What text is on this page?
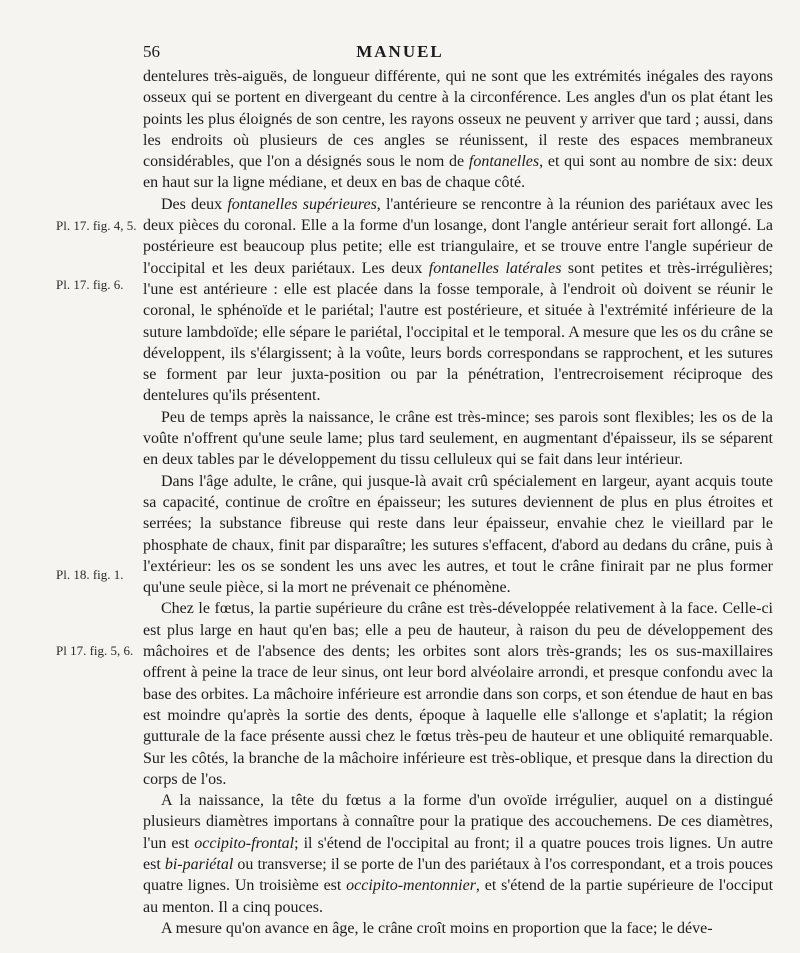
56	MANUEL
Pl. 17. fig. 4, 5.
Pl. 17. fig. 6.
Pl. 18. fig. 1.
Pl 17. fig. 5, 6.

dentelures très-aiguës, de longueur différente, qui ne sont que les extrémités inégales des rayons osseux qui se portent en divergeant du centre à la circonférence. Les angles d'un os plat étant les points les plus éloignés de son centre, les rayons osseux ne peuvent y arriver que tard ; aussi, dans les endroits où plusieurs de ces angles se réunissent, il reste des espaces membraneux considérables, que l'on a désignés sous le nom de fontanelles, et qui sont au nombre de six: deux en haut sur la ligne médiane, et deux en bas de chaque côté.

Des deux fontanelles supérieures, l'antérieure se rencontre à la réunion des pariétaux avec les deux pièces du coronal. Elle a la forme d'un losange, dont l'angle antérieur serait fort allongé. La postérieure est beaucoup plus petite; elle est triangulaire, et se trouve entre l'angle supérieur de l'occipital et les deux pariétaux. Les deux fontanelles latérales sont petites et très-irrégulières; l'une est antérieure : elle est placée dans la fosse temporale, à l'endroit où doivent se réunir le coronal, le sphénoïde et le pariétal; l'autre est postérieure, et située à l'extrémité inférieure de la suture lambdoïde; elle sépare le pariétal, l'occipital et le temporal. A mesure que les os du crâne se développent, ils s'élargissent; à la voûte, leurs bords correspondans se rapprochent, et les sutures se forment par leur juxta-position ou par la pénétration, l'entrecroisement réciproque des dentelures qu'ils présentent.

Peu de temps après la naissance, le crâne est très-mince; ses parois sont flexibles; les os de la voûte n'offrent qu'une seule lame; plus tard seulement, en augmentant d'épaisseur, ils se séparent en deux tables par le développement du tissu celluleux qui se fait dans leur intérieur.

Dans l'âge adulte, le crâne, qui jusque-là avait crû spécialement en largeur, ayant acquis toute sa capacité, continue de croître en épaisseur; les sutures deviennent de plus en plus étroites et serrées; la substance fibreuse qui reste dans leur épaisseur, envahie chez le vieillard par le phosphate de chaux, finit par disparaître; les sutures s'effacent, d'abord au dedans du crâne, puis à l'extérieur: les os se sondent les uns avec les autres, et tout le crâne finirait par ne plus former qu'une seule pièce, si la mort ne prévenait ce phénomène.

Chez le fœtus, la partie supérieure du crâne est très-développée relativement à la face. Celle-ci est plus large en haut qu'en bas; elle a peu de hauteur, à raison du peu de développement des mâchoires et de l'absence des dents; les orbites sont alors très-grands; les os sus-maxillaires offrent à peine la trace de leur sinus, ont leur bord alvéolaire arrondi, et presque confondu avec la base des orbites. La mâchoire inférieure est arrondie dans son corps, et son étendue de haut en bas est moindre qu'après la sortie des dents, époque à laquelle elle s'allonge et s'aplatit; la région gutturale de la face présente aussi chez le fœtus très-peu de hauteur et une obliquité remarquable. Sur les côtés, la branche de la mâchoire inférieure est très-oblique, et presque dans la direction du corps de l'os.

A la naissance, la tête du fœtus a la forme d'un ovoïde irrégulier, auquel on a distingué plusieurs diamètres importans à connaître pour la pratique des accouchemens. De ces diamètres, l'un est occipito-frontal; il s'étend de l'occipital au front; il a quatre pouces trois lignes. Un autre est bi-pariétal ou transverse; il se porte de l'un des pariétaux à l'os correspondant, et a trois pouces quatre lignes. Un troisième est occipito-mentonnier, et s'étend de la partie supérieure de l'occiput au menton. Il a cinq pouces.

A mesure qu'on avance en âge, le crâne croît moins en proportion que la face; le déve-
